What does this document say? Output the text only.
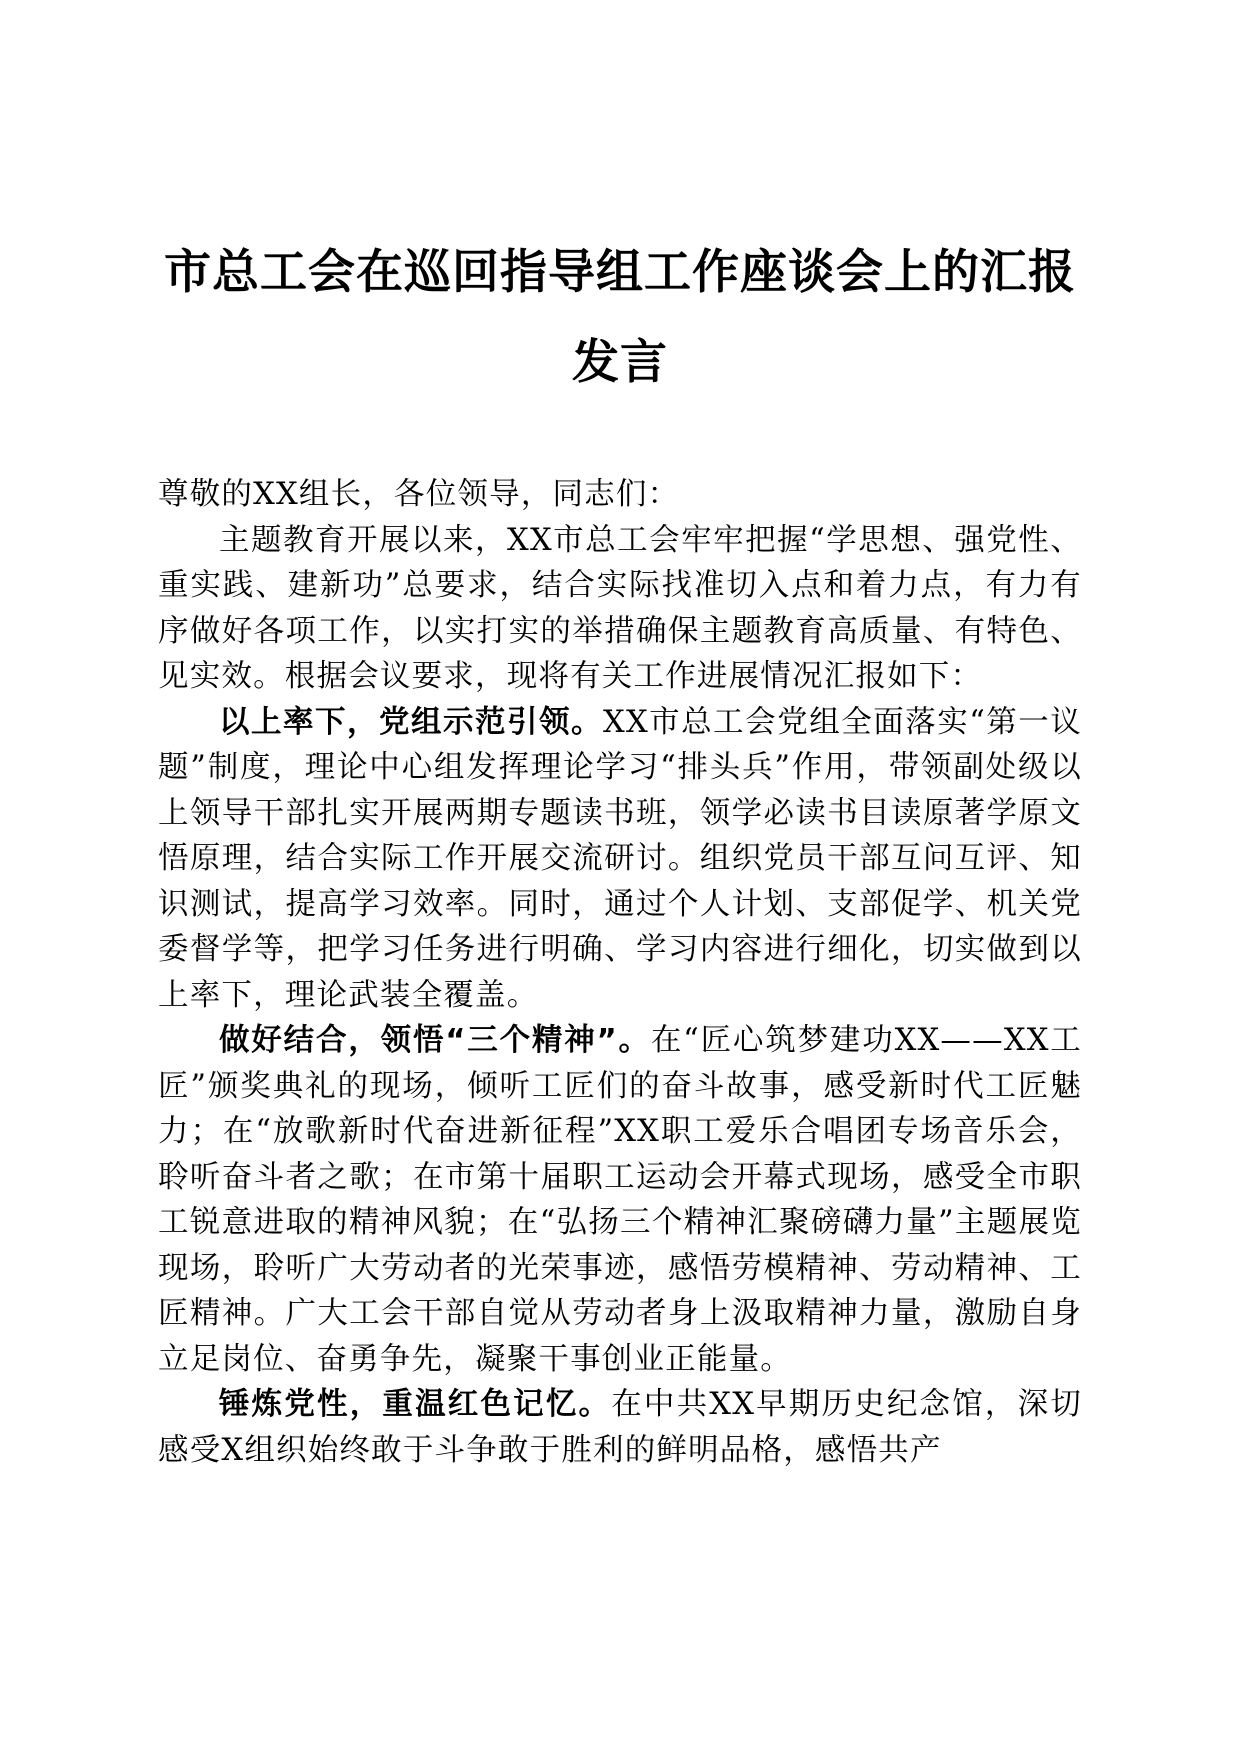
市总工会在巡回指导组工作座谈会上的汇报发言

尊敬的XX组长，各位领导，同志们：

主题教育开展以来，XX市总工会牢牢把握“学思想、强党性、重实践、建新功”总要求，结合实际找准切入点和着力点，有力有序做好各项工作，以实打实的举措确保主题教育高质量、有特色、见实效。根据会议要求，现将有关工作进展情况汇报如下：

以上率下，党组示范引领。XX市总工会党组全面落实“第一议题”制度，理论中心组发挥理论学习“排头兵”作用，带领副处级以上领导干部扎实开展两期专题读书班，领学必读书目读原著学原文悟原理，结合实际工作开展交流研讨。组织党员干部互问互评、知识测试，提高学习效率。同时，通过个人计划、支部促学、机关党委督学等，把学习任务进行明确、学习内容进行细化，切实做到以上率下，理论武装全覆盖。

做好结合，领悟“三个精神”。在“匠心筑梦建功XX——XX工匠”颁奖典礼的现场，倾听工匠们的奋斗故事，感受新时代工匠魅力；在“放歌新时代奋进新征程”XX职工爱乐合唱团专场音乐会，聆听奋斗者之歌；在市第十届职工运动会开幕式现场，感受全市职工锐意进取的精神风貌；在“弘扬三个精神汇聚磅礴力量”主题展览现场，聆听广大劳动者的光荣事迹，感悟劳模精神、劳动精神、工匠精神。广大工会干部自觉从劳动者身上汲取精神力量，激励自身立足岗位、奋勇争先，凝聚干事创业正能量。

锤炼党性，重温红色记忆。在中共XX早期历史纪念馆，深切感受X组织始终敢于斗争敢于胜利的鲜明品格，感悟共产
